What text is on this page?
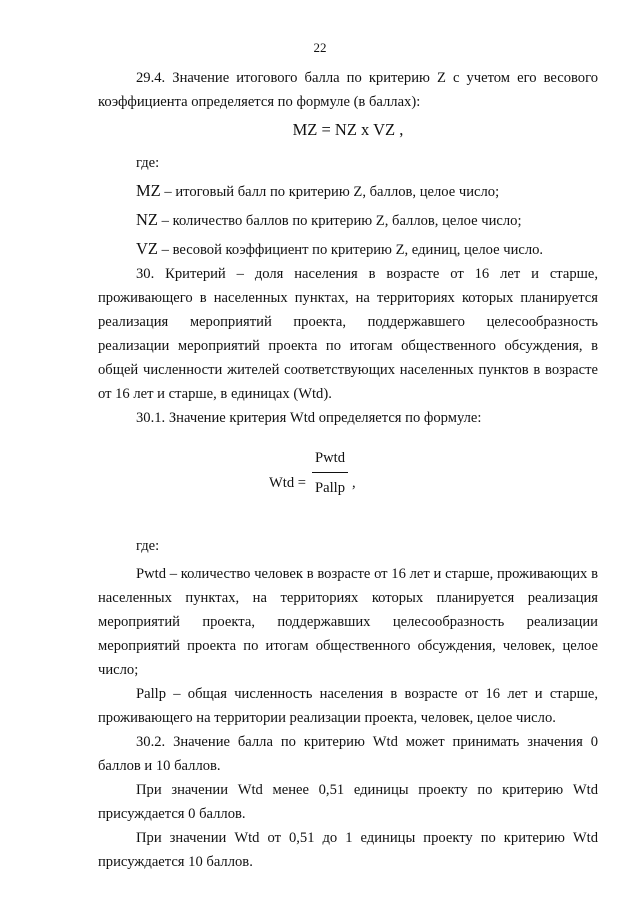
22

29.4. Значение итогового балла по критерию Z с учетом его весового коэффициента определяется по формуле (в баллах):

MZ = NZ x VZ ,

где:

MZ – итоговый балл по критерию Z, баллов, целое число;

NZ – количество баллов по критерию Z, баллов, целое число;

VZ – весовой коэффициент по критерию Z, единиц, целое число.

30. Критерий – доля населения в возрасте от 16 лет и старше, проживающего в населенных пунктах, на территориях которых планируется реализация мероприятий проекта, поддержавшего целесообразность реализации мероприятий проекта по итогам общественного обсуждения, в общей численности жителей соответствующих населенных пунктов в возрасте от 16 лет и старше, в единицах (Wtd).

30.1. Значение критерия Wtd определяется по формуле:

Wtd =
Pwtd
Pallp ,

где:

Pwtd – количество человек в возрасте от 16 лет и старше, проживающих в населенных пунктах, на территориях которых планируется реализация мероприятий проекта, поддержавших целесообразность реализации мероприятий проекта по итогам общественного обсуждения, человек, целое число;

Pallp – общая численность населения в возрасте от 16 лет и старше, проживающего на территории реализации проекта, человек, целое число.

30.2. Значение балла по критерию Wtd может принимать значения 0 баллов и 10 баллов.

При значении Wtd менее 0,51 единицы проекту по критерию Wtd присуждается 0 баллов.

При значении Wtd от 0,51 до 1 единицы проекту по критерию Wtd присуждается 10 баллов.
